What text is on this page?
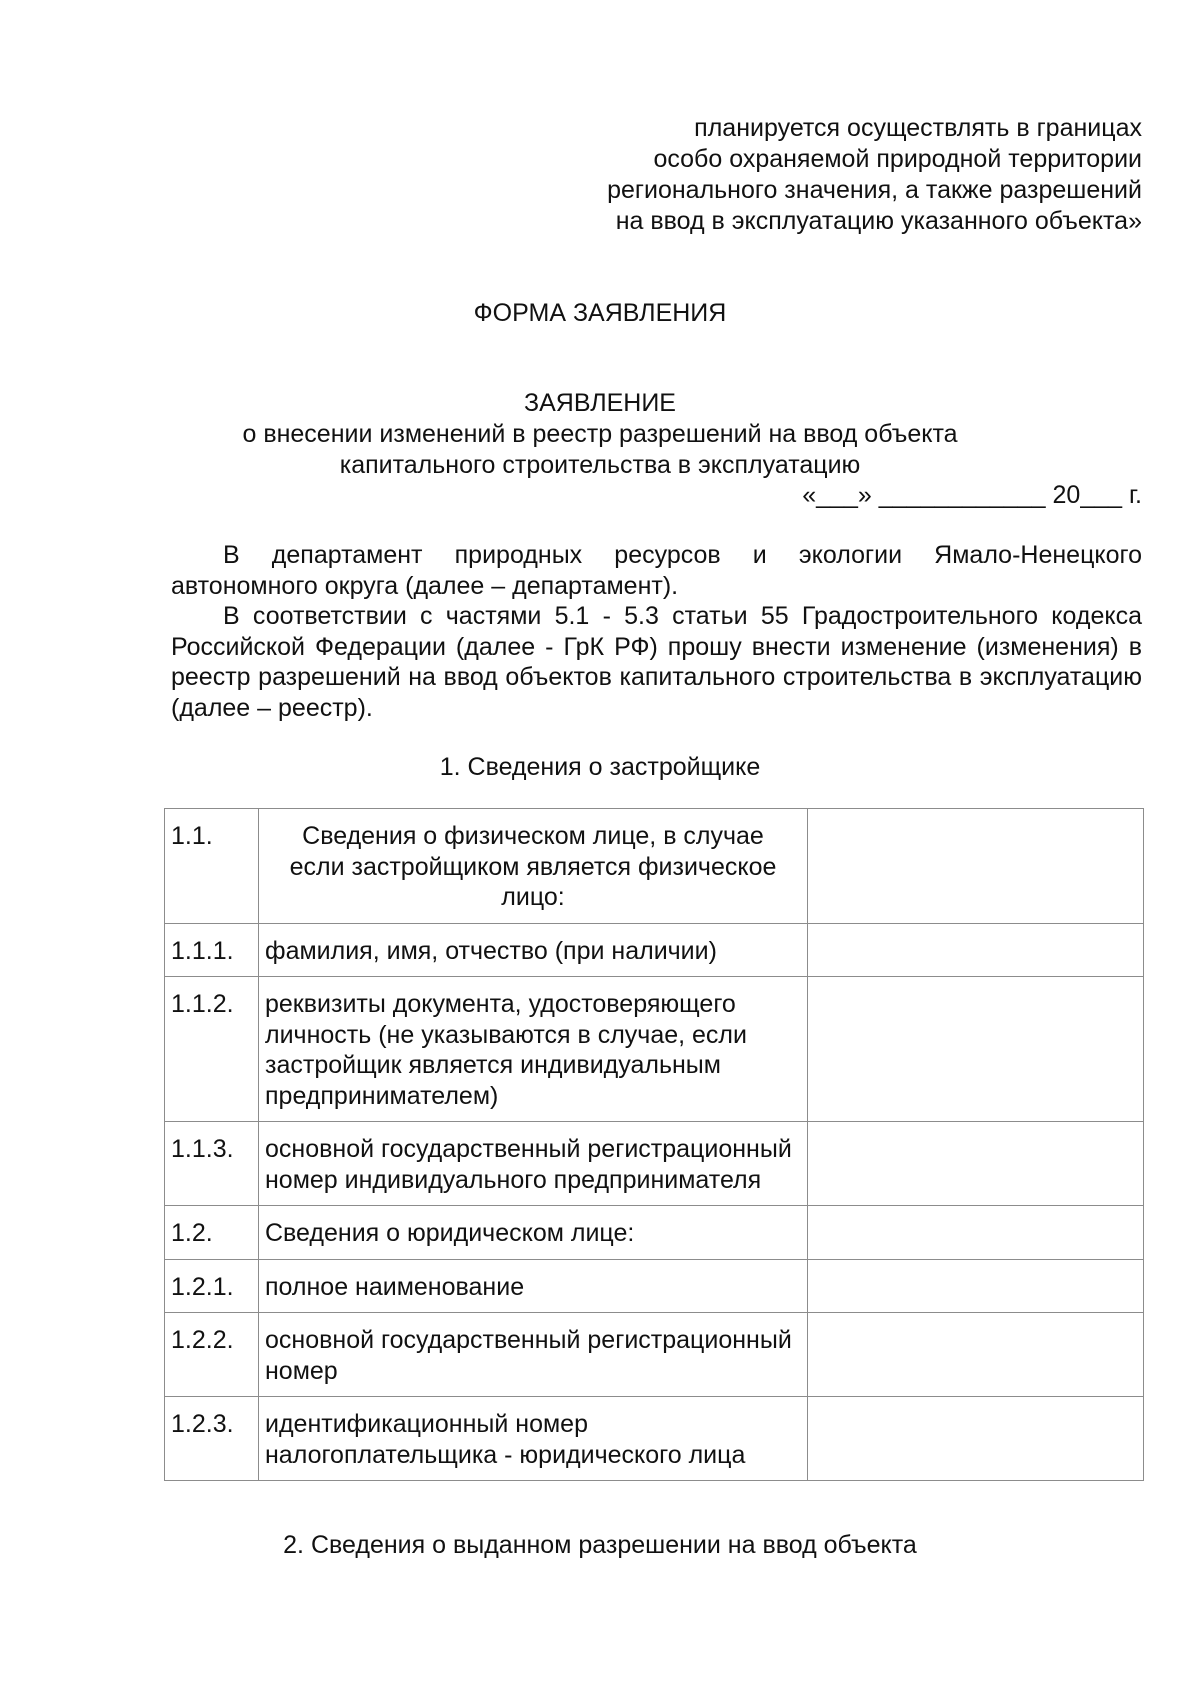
планируется осуществлять в границах
особо охраняемой природной территории
регионального значения, а также разрешений
на ввод в эксплуатацию указанного объекта»
ФОРМА ЗАЯВЛЕНИЯ
ЗАЯВЛЕНИЕ
о внесении изменений в реестр разрешений на ввод объекта
капитального строительства в эксплуатацию
«___» ____________ 20___ г.

В департамент природных ресурсов и экологии Ямало-Ненецкого автономного округа (далее – департамент).

В соответствии с частями 5.1 - 5.3 статьи 55 Градостроительного кодекса Российской Федерации (далее - ГрК РФ) прошу внести изменение (изменения) в реестр разрешений на ввод объектов капитального строительства в эксплуатацию (далее – реестр).

1. Сведения о застройщике
1.1.	Сведения о физическом лице, в случае если застройщиком является физическое лицо:	
1.1.1.	фамилия, имя, отчество (при наличии)	
1.1.2.	реквизиты документа, удостоверяющего личность (не указываются в случае, если застройщик является индивидуальным предпринимателем)	
1.1.3.	основной государственный регистрационный номер индивидуального предпринимателя	
1.2.	Сведения о юридическом лице:	
1.2.1.	полное наименование	
1.2.2.	основной государственный регистрационный номер	
1.2.3.	идентификационный номер налогоплательщика - юридического лица	
2. Сведения о выданном разрешении на ввод объекта
